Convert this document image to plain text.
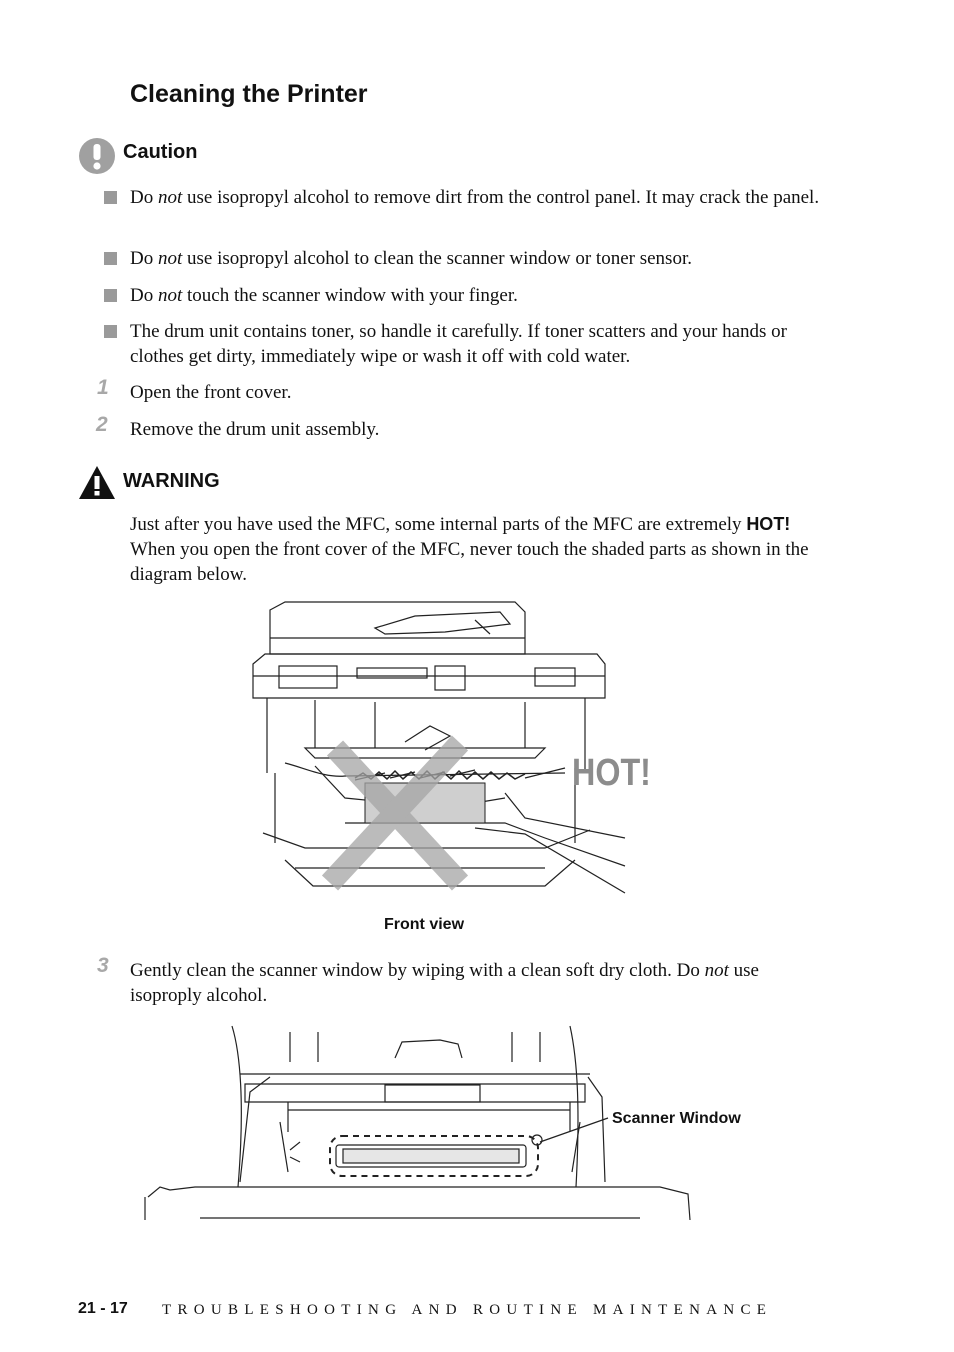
Cleaning the Printer
Caution
Do not use isopropyl alcohol to remove dirt from the control panel. It may crack the panel.
Do not use isopropyl alcohol to clean the scanner window or toner sensor.
Do not touch the scanner window with your finger.
The drum unit contains toner, so handle it carefully. If toner scatters and your hands or clothes get dirty, immediately wipe or wash it off with cold water.
1 Open the front cover.
2 Remove the drum unit assembly.
WARNING
Just after you have used the MFC, some internal parts of the MFC are extremely HOT! When you open the front cover of the MFC, never touch the shaded parts as shown in the diagram below.
HOT!
Front view
3 Gently clean the scanner window by wiping with a clean soft dry cloth. Do not use isoproply alcohol.
Scanner Window
21 - 17 TROUBLESHOOTING AND ROUTINE MAINTENANCE
